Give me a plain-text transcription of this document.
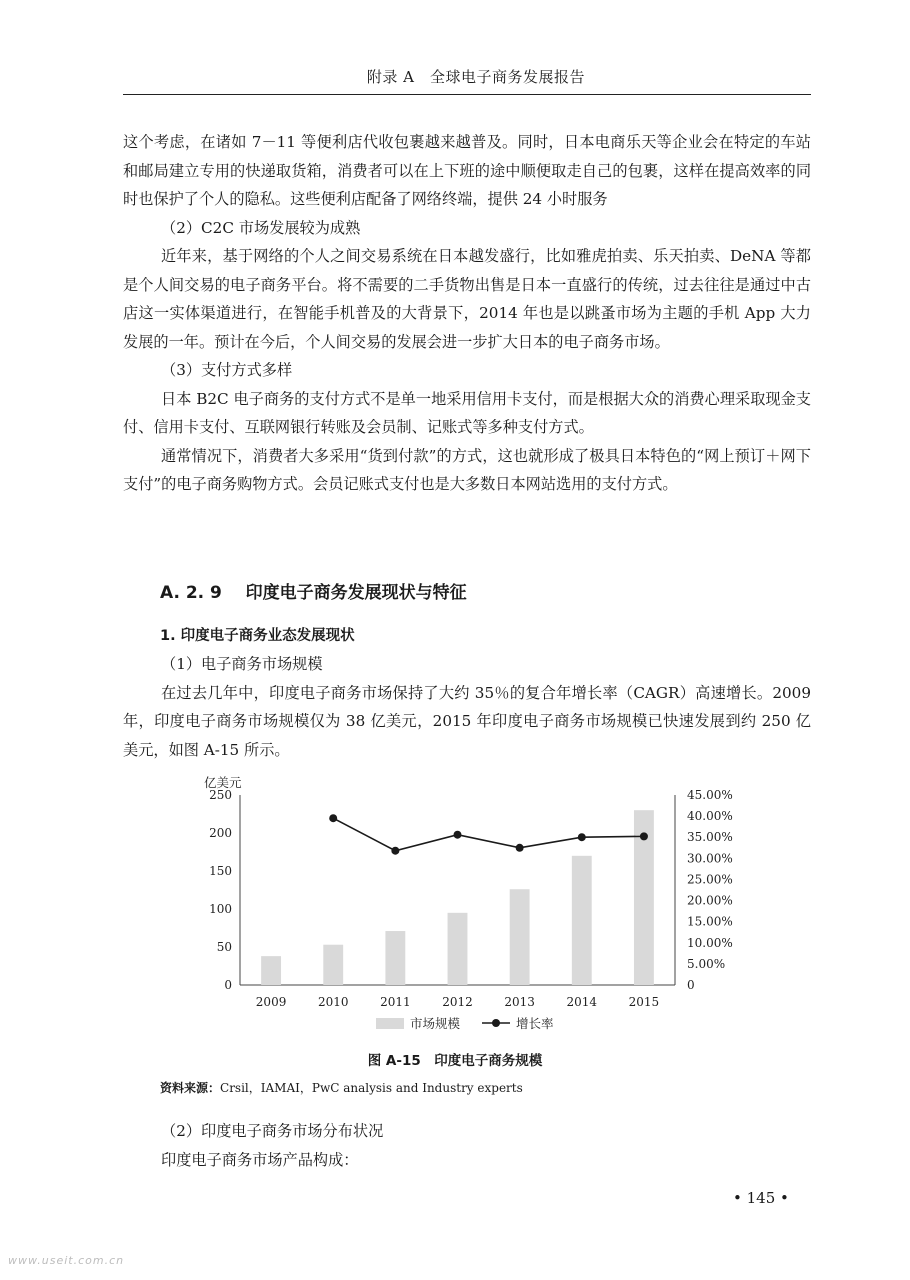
附录 A　全球电子商务发展报告

这个考虑，在诸如 7－11 等便利店代收包裹越来越普及。同时，日本电商乐天等企业会在特定的车站和邮局建立专用的快递取货箱，消费者可以在上下班的途中顺便取走自己的包裹，这样在提高效率的同时也保护了个人的隐私。这些便利店配备了网络终端，提供 24 小时服务

（2）C2C 市场发展较为成熟

近年来，基于网络的个人之间交易系统在日本越发盛行，比如雅虎拍卖、乐天拍卖、DeNA 等都是个人间交易的电子商务平台。将不需要的二手货物出售是日本一直盛行的传统，过去往往是通过中古店这一实体渠道进行，在智能手机普及的大背景下，2014 年也是以跳蚤市场为主题的手机 App 大力发展的一年。预计在今后，个人间交易的发展会进一步扩大日本的电子商务市场。

（3）支付方式多样

日本 B2C 电子商务的支付方式不是单一地采用信用卡支付，而是根据大众的消费心理采取现金支付、信用卡支付、互联网银行转账及会员制、记账式等多种支付方式。

通常情况下，消费者大多采用“货到付款”的方式，这也就形成了极具日本特色的“网上预订＋网下支付”的电子商务购物方式。会员记账式支付也是大多数日本网站选用的支付方式。

A. 2. 9 印度电子商务发展现状与特征
1. 印度电子商务业态发展现状

（1）电子商务市场规模

在过去几年中，印度电子商务市场保持了大约 35％的复合年增长率（CAGR）高速增长。2009 年，印度电子商务市场规模仅为 38 亿美元，2015 年印度电子商务市场规模已快速发展到约 250 亿美元，如图 A-15 所示。

0
50
100
150
200
250
0
5.00%
10.00%
15.00%
20.00%
25.00%
30.00%
35.00%
40.00%
45.00%
亿美元
2009	2010	2011	2012	2013	2014	2015
市场规模	增长率
图 A-15　印度电子商务规模
资料来源：Crsil，IAMAI，PwC analysis and Industry experts

（2）印度电子商务市场分布状况

印度电子商务市场产品构成：

• 145 •
www.useit.com.cn
